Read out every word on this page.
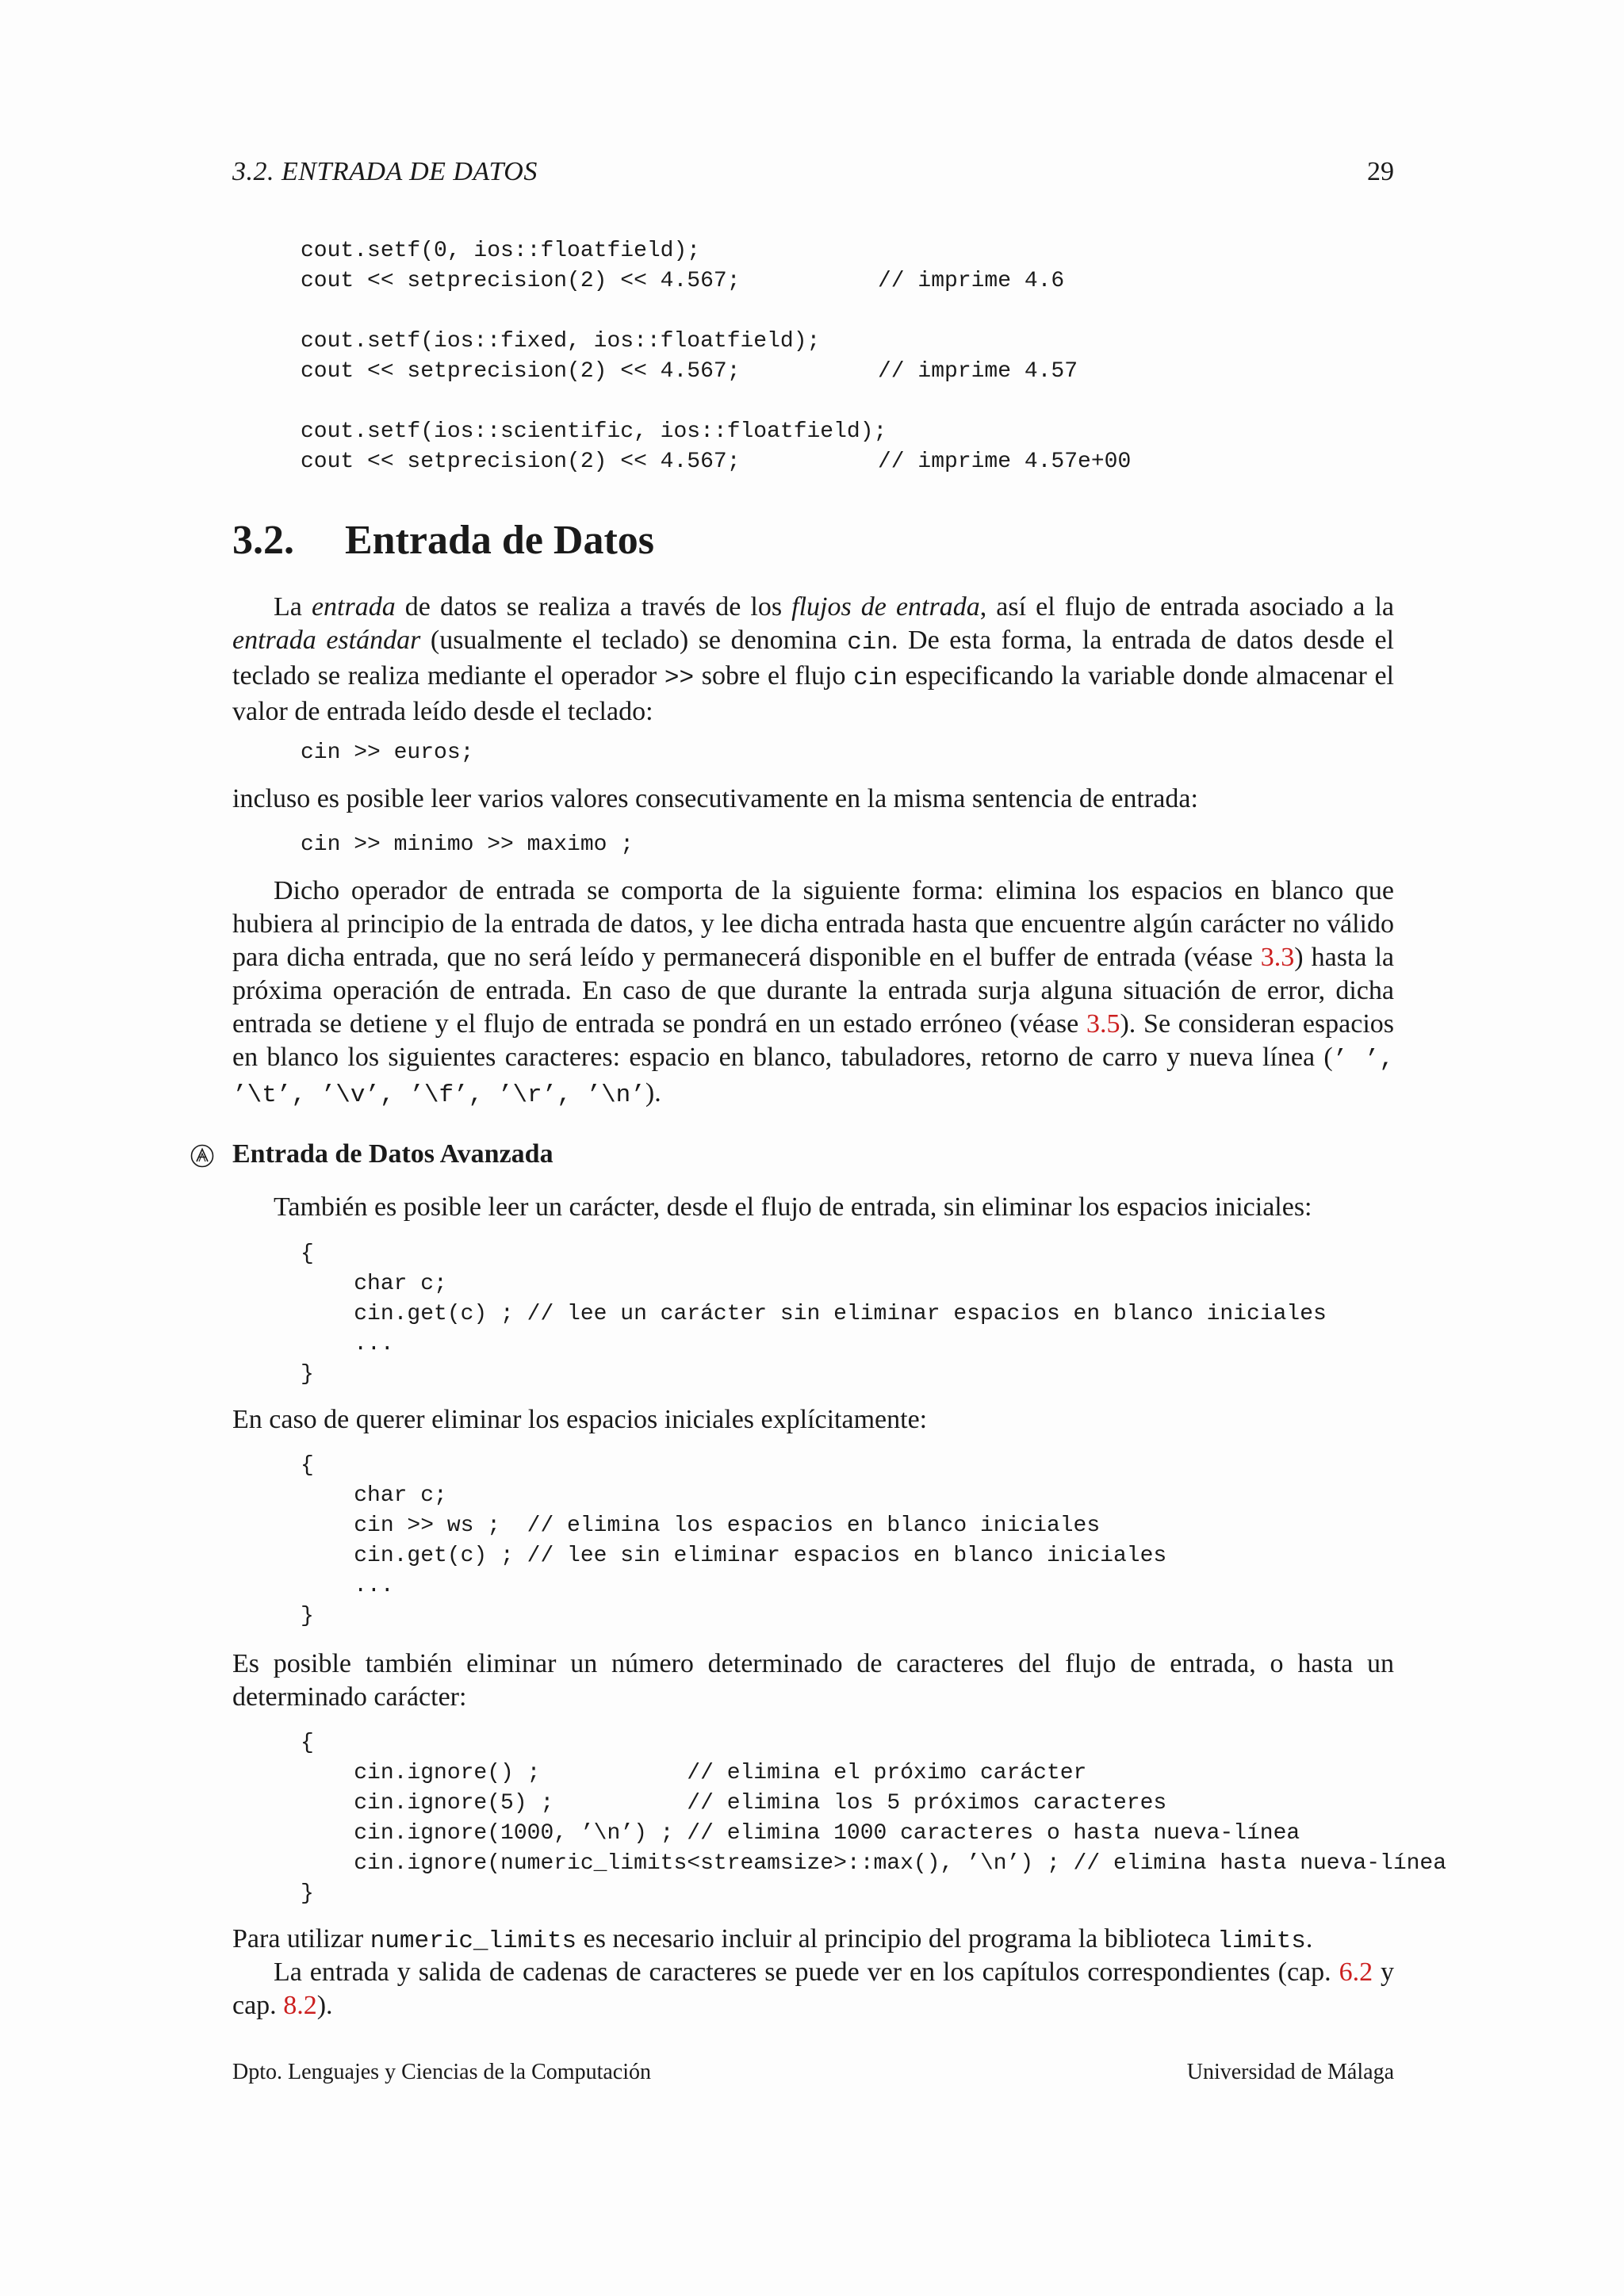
3.2. ENTRADA DE DATOS	29
cout.setf(0, ios::floatfield);
cout << setprecision(2) << 4.567;	// imprime 4.6
cout.setf(ios::fixed, ios::floatfield);
cout << setprecision(2) << 4.567;	// imprime 4.57
cout.setf(ios::scientific, ios::floatfield);
cout << setprecision(2) << 4.567;	// imprime 4.57e+00
3.2. Entrada de Datos
La entrada de datos se realiza a través de los flujos de entrada, así el flujo de entrada asociado a la entrada estándar (usualmente el teclado) se denomina cin. De esta forma, la entrada de datos desde el teclado se realiza mediante el operador >> sobre el flujo cin especificando la variable donde almacenar el valor de entrada leído desde el teclado:
cin >> euros;
incluso es posible leer varios valores consecutivamente en la misma sentencia de entrada:
cin >> minimo >> maximo ;
Dicho operador de entrada se comporta de la siguiente forma: elimina los espacios en blanco que hubiera al principio de la entrada de datos, y lee dicha entrada hasta que encuentre algún carácter no válido para dicha entrada, que no será leído y permanecerá disponible en el buffer de entrada (véase 3.3) hasta la próxima operación de entrada. En caso de que durante la entrada surja alguna situación de error, dicha entrada se detiene y el flujo de entrada se pondrá en un estado erróneo (véase 3.5). Se consideran espacios en blanco los siguientes caracteres: espacio en blanco, tabuladores, retorno de carro y nueva línea (’ ’, ’\t’, ’\v’, ’\f’, ’\r’, ’\n’).
Entrada de Datos Avanzada
También es posible leer un carácter, desde el flujo de entrada, sin eliminar los espacios iniciales:
{
char c;
cin.get(c) ; // lee un carácter sin eliminar espacios en blanco iniciales
...
}
En caso de querer eliminar los espacios iniciales explícitamente:
{
char c;
cin >> ws ;  // elimina los espacios en blanco iniciales
cin.get(c) ; // lee sin eliminar espacios en blanco iniciales
...
}
Es posible también eliminar un número determinado de caracteres del flujo de entrada, o hasta un determinado carácter:
{
cin.ignore() ;           // elimina el próximo carácter
cin.ignore(5) ;          // elimina los 5 próximos caracteres
cin.ignore(1000, ’\n’) ; // elimina 1000 caracteres o hasta nueva-línea
cin.ignore(numeric_limits<streamsize>::max(), ’\n’) ; // elimina hasta nueva-línea
}
Para utilizar numeric_limits es necesario incluir al principio del programa la biblioteca limits.
La entrada y salida de cadenas de caracteres se puede ver en los capítulos correspondientes (cap. 6.2 y cap. 8.2).
Dpto. Lenguajes y Ciencias de la Computación	Universidad de Málaga
